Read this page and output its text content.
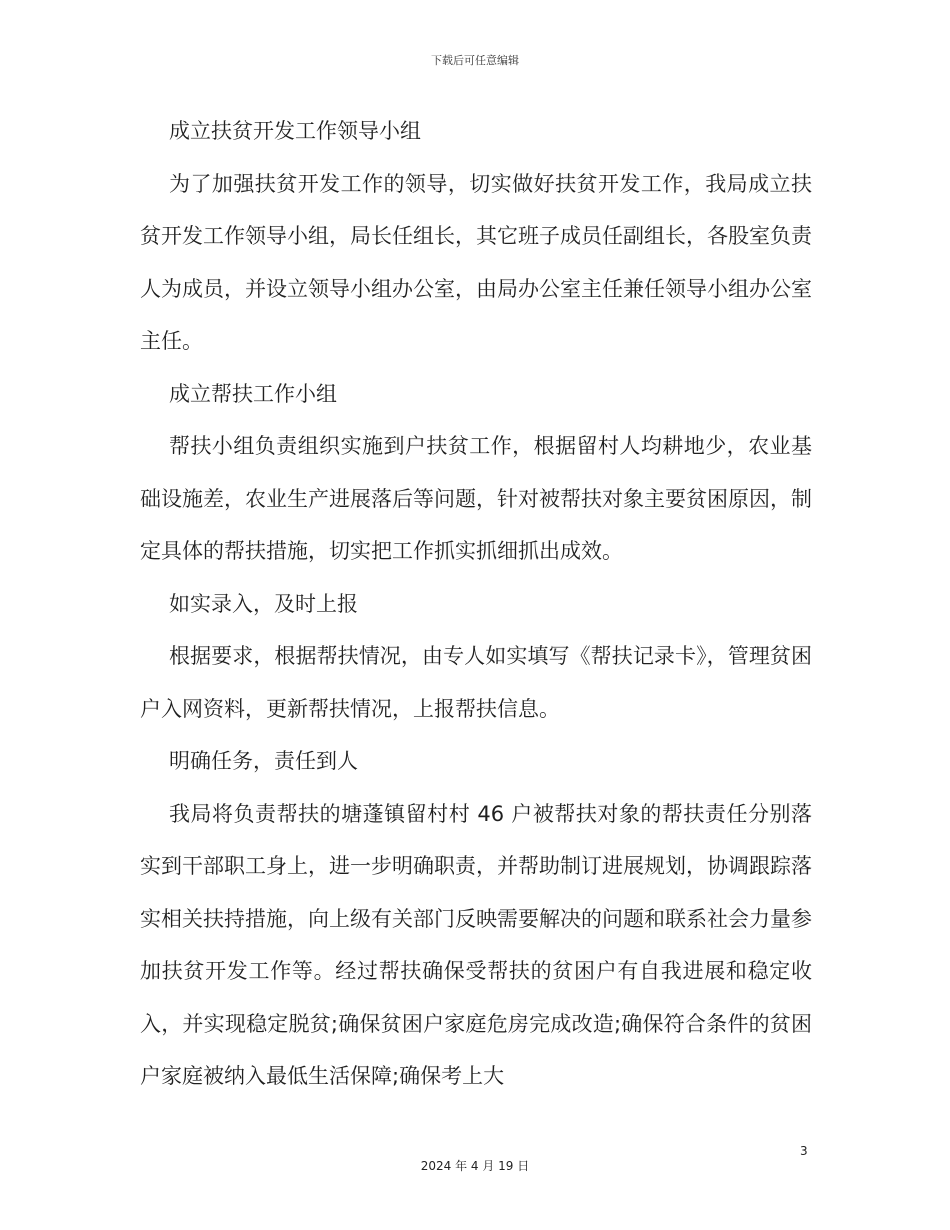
下载后可任意编辑

成立扶贫开发工作领导小组

为了加强扶贫开发工作的领导，切实做好扶贫开发工作，我局成立扶贫开发工作领导小组，局长任组长，其它班子成员任副组长，各股室负责人为成员，并设立领导小组办公室，由局办公室主任兼任领导小组办公室主任。

成立帮扶工作小组

帮扶小组负责组织实施到户扶贫工作，根据留村人均耕地少，农业基础设施差，农业生产进展落后等问题，针对被帮扶对象主要贫困原因，制定具体的帮扶措施，切实把工作抓实抓细抓出成效。

如实录入，及时上报

根据要求，根据帮扶情况，由专人如实填写《帮扶记录卡》，管理贫困户入网资料，更新帮扶情况，上报帮扶信息。

明确任务，责任到人

我局将负责帮扶的塘蓬镇留村村 46 户被帮扶对象的帮扶责任分别落实到干部职工身上，进一步明确职责，并帮助制订进展规划，协调跟踪落实相关扶持措施，向上级有关部门反映需要解决的问题和联系社会力量参加扶贫开发工作等。经过帮扶确保受帮扶的贫困户有自我进展和稳定收入，并实现稳定脱贫;确保贫困户家庭危房完成改造;确保符合条件的贫困户家庭被纳入最低生活保障;确保考上大

3
2024 年 4 月 19 日
